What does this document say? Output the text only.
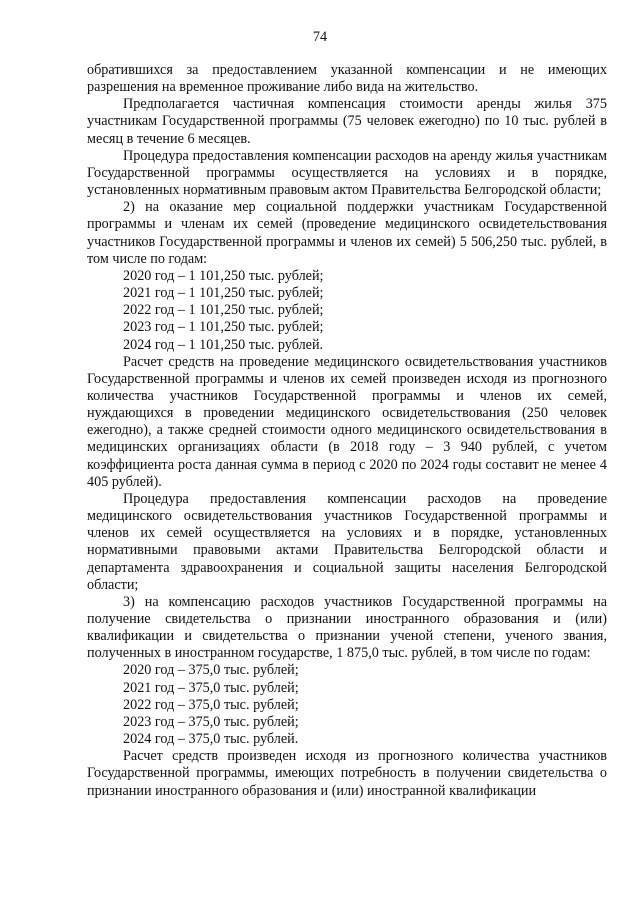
74

обратившихся за предоставлением указанной компенсации и не имеющих разрешения на временное проживание либо вида на жительство.

Предполагается частичная компенсация стоимости аренды жилья 375 участникам Государственной программы (75 человек ежегодно) по 10 тыс. рублей в месяц в течение 6 месяцев.

Процедура предоставления компенсации расходов на аренду жилья участникам Государственной программы осуществляется на условиях и в порядке, установленных нормативным правовым актом Правительства Белгородской области;

2) на оказание мер социальной поддержки участникам Государственной программы и членам их семей (проведение медицинского освидетельствования участников Государственной программы и членов их семей) 5 506,250 тыс. рублей, в том числе по годам:

2020 год – 1 101,250 тыс. рублей;

2021 год – 1 101,250 тыс. рублей;

2022 год – 1 101,250 тыс. рублей;

2023 год – 1 101,250 тыс. рублей;

2024 год – 1 101,250 тыс. рублей.

Расчет средств на проведение медицинского освидетельствования участников Государственной программы и членов их семей произведен исходя из прогнозного количества участников Государственной программы и членов их семей, нуждающихся в проведении медицинского освидетельствования (250 человек ежегодно), а также средней стоимости одного медицинского освидетельствования в медицинских организациях области (в 2018 году – 3 940 рублей, с учетом коэффициента роста данная сумма в период с 2020 по 2024 годы составит не менее 4 405 рублей).

Процедура предоставления компенсации расходов на проведение медицинского освидетельствования участников Государственной программы и членов их семей осуществляется на условиях и в порядке, установленных нормативными правовыми актами Правительства Белгородской области и департамента здравоохранения и социальной защиты населения Белгородской области;

3) на компенсацию расходов участников Государственной программы на получение свидетельства о признании иностранного образования и (или) квалификации и свидетельства о признании ученой степени, ученого звания, полученных в иностранном государстве, 1 875,0 тыс. рублей, в том числе по годам:

2020 год – 375,0 тыс. рублей;

2021 год – 375,0 тыс. рублей;

2022 год – 375,0 тыс. рублей;

2023 год – 375,0 тыс. рублей;

2024 год – 375,0 тыс. рублей.

Расчет средств произведен исходя из прогнозного количества участников Государственной программы, имеющих потребность в получении свидетельства о признании иностранного образования и (или) иностранной квалификации
